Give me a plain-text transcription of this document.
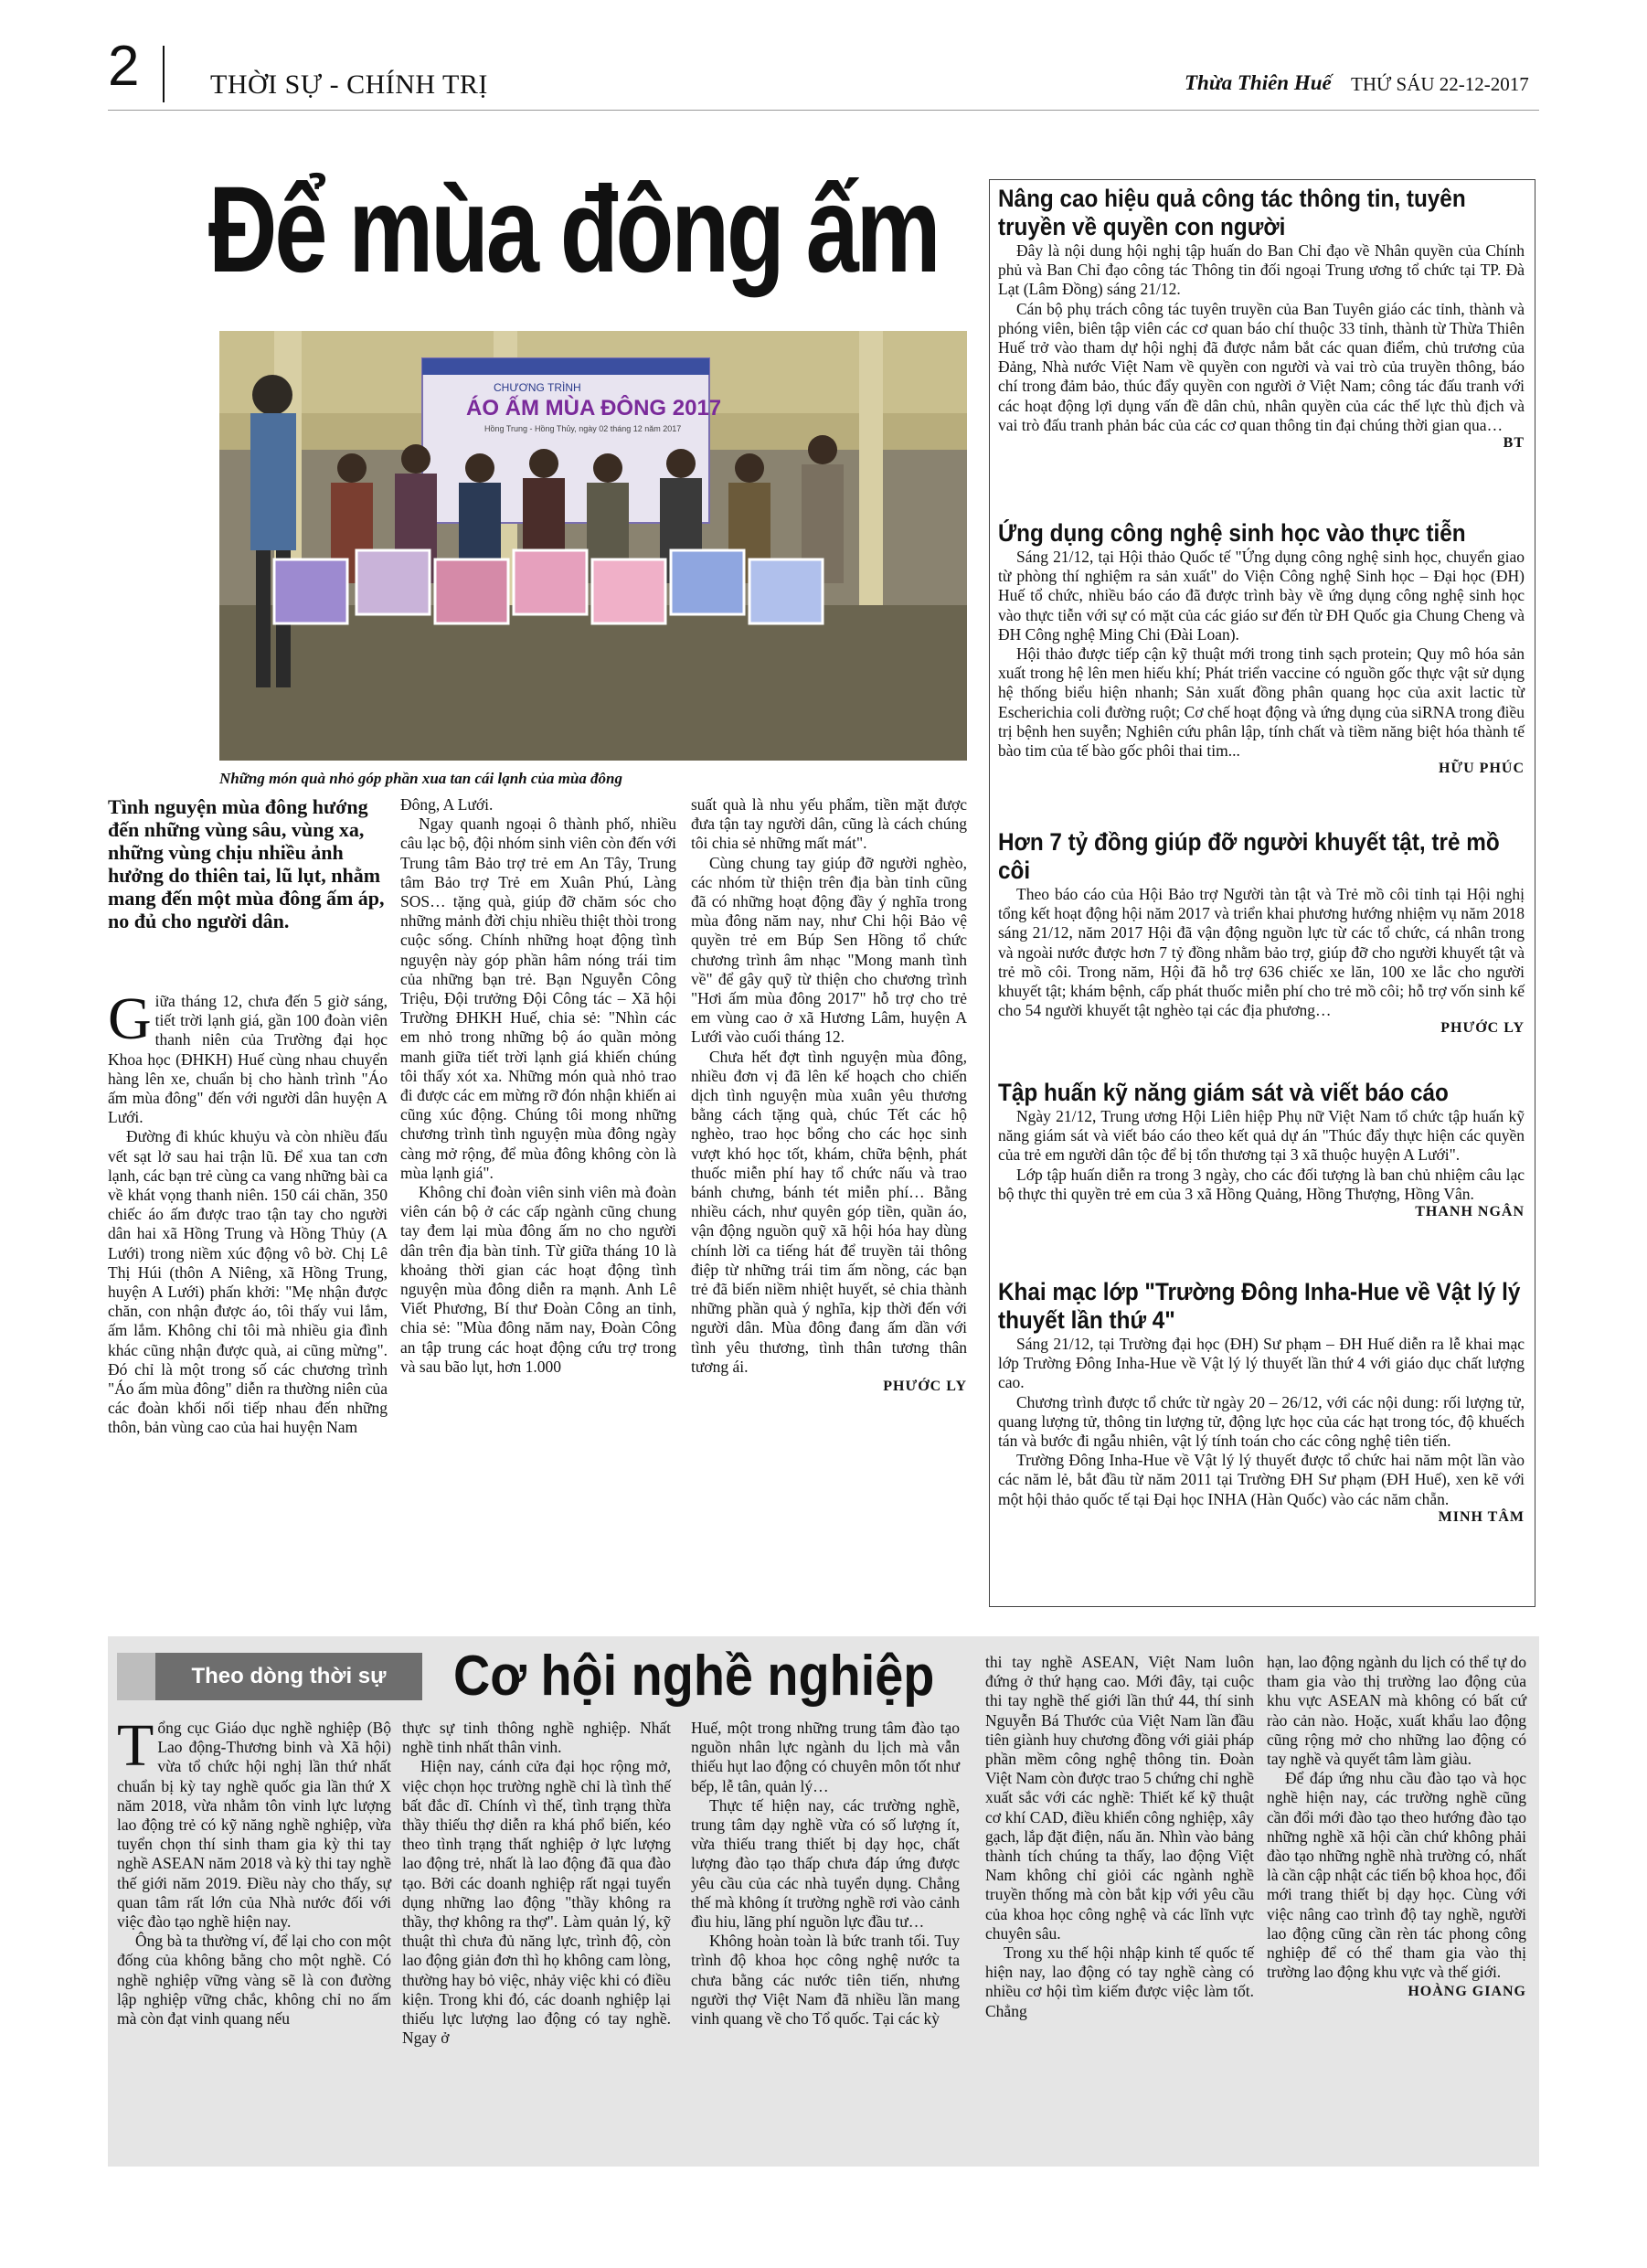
2	THỜI SỰ - CHÍNH TRỊ	Thừa Thiên Huế THỨ SÁU 22-12-2017
Để mùa đông ấm
CHƯƠNG TRÌNH
ÁO ẤM MÙA ĐÔNG 2017
Hồng Trung - Hồng Thủy, ngày 02 tháng 12 năm 2017
Những món quà nhỏ góp phần xua tan cái lạnh của mùa đông
Tình nguyện mùa đông hướng đến những vùng sâu, vùng xa, những vùng chịu nhiều ảnh hưởng do thiên tai, lũ lụt, nhằm mang đến một mùa đông ấm áp, no đủ cho người dân.
G iữa tháng 12, chưa đến 5 giờ sáng, tiết trời lạnh giá, gần 100 đoàn viên thanh niên của Trường đại học Khoa học (ĐHKH) Huế cùng nhau chuyển hàng lên xe, chuẩn bị cho hành trình "Áo ấm mùa đông" đến với người dân huyện A Lưới.

Đường đi khúc khuỷu và còn nhiều đấu vết sạt lở sau hai trận lũ. Để xua tan cơn lạnh, các bạn trẻ cùng ca vang những bài ca về khát vọng thanh niên. 150 cái chăn, 350 chiếc áo ấm được trao tận tay cho người dân hai xã Hồng Trung và Hồng Thủy (A Lưới) trong niềm xúc động vô bờ. Chị Lê Thị Húi (thôn A Niêng, xã Hồng Trung, huyện A Lưới) phấn khởi: "Mẹ nhận được chăn, con nhận được áo, tôi thấy vui lắm, ấm lắm. Không chỉ tôi mà nhiều gia đình khác cũng nhận được quà, ai cũng mừng". Đó chỉ là một trong số các chương trình "Áo ấm mùa đông" diễn ra thường niên của các đoàn khối nối tiếp nhau đến những thôn, bản vùng cao của hai huyện Nam

Đông, A Lưới.

Ngay quanh ngoại ô thành phố, nhiều câu lạc bộ, đội nhóm sinh viên còn đến với Trung tâm Bảo trợ trẻ em An Tây, Trung tâm Bảo trợ Trẻ em Xuân Phú, Làng SOS… tặng quà, giúp đỡ chăm sóc cho những mảnh đời chịu nhiều thiệt thòi trong cuộc sống. Chính những hoạt động tình nguyện này góp phần hâm nóng trái tim của những bạn trẻ. Bạn Nguyễn Công Triệu, Đội trưởng Đội Công tác – Xã hội Trường ĐHKH Huế, chia sẻ: "Nhìn các em nhỏ trong những bộ áo quần mỏng manh giữa tiết trời lạnh giá khiến chúng tôi thấy xót xa. Những món quà nhỏ trao đi được các em mừng rỡ đón nhận khiến ai cũng xúc động. Chúng tôi mong những chương trình tình nguyện mùa đông ngày càng mở rộng, để mùa đông không còn là mùa lạnh giá".

Không chỉ đoàn viên sinh viên mà đoàn viên cán bộ ở các cấp ngành cũng chung tay đem lại mùa đông ấm no cho người dân trên địa bàn tỉnh. Từ giữa tháng 10 là khoảng thời gian các hoạt động tình nguyện mùa đông diễn ra mạnh. Anh Lê Viết Phương, Bí thư Đoàn Công an tỉnh, chia sẻ: "Mùa đông năm nay, Đoàn Công an tập trung các hoạt động cứu trợ trong và sau bão lụt, hơn 1.000

suất quà là nhu yếu phẩm, tiền mặt được đưa tận tay người dân, cũng là cách chúng tôi chia sẻ những mất mát".

Cùng chung tay giúp đỡ người nghèo, các nhóm từ thiện trên địa bàn tỉnh cũng đã có những hoạt động đầy ý nghĩa trong mùa đông năm nay, như Chi hội Bảo vệ quyền trẻ em Búp Sen Hồng tổ chức chương trình âm nhạc "Mong manh tình về" để gây quỹ từ thiện cho chương trình "Hơi ấm mùa đông 2017" hỗ trợ cho trẻ em vùng cao ở xã Hương Lâm, huyện A Lưới vào cuối tháng 12.

Chưa hết đợt tình nguyện mùa đông, nhiều đơn vị đã lên kế hoạch cho chiến dịch tình nguyện mùa xuân yêu thương bằng cách tặng quà, chúc Tết các hộ nghèo, trao học bổng cho các học sinh vượt khó học tốt, khám, chữa bệnh, phát thuốc miễn phí hay tổ chức nấu và trao bánh chưng, bánh tét miễn phí… Bằng nhiều cách, như quyên góp tiền, quần áo, vận động nguồn quỹ xã hội hóa hay dùng chính lời ca tiếng hát để truyền tải thông điệp từ những trái tim ấm nồng, các bạn trẻ đã biến niềm nhiệt huyết, sẻ chia thành những phần quà ý nghĩa, kịp thời đến với người dân. Mùa đông đang ấm dần với tình yêu thương, tình thân tương thân tương ái.

PHƯỚC LY
Nâng cao hiệu quả công tác thông tin, tuyên truyền về quyền con người

Đây là nội dung hội nghị tập huấn do Ban Chỉ đạo về Nhân quyền của Chính phủ và Ban Chỉ đạo công tác Thông tin đối ngoại Trung ương tổ chức tại TP. Đà Lạt (Lâm Đồng) sáng 21/12.

Cán bộ phụ trách công tác tuyên truyền của Ban Tuyên giáo các tỉnh, thành và phóng viên, biên tập viên các cơ quan báo chí thuộc 33 tỉnh, thành từ Thừa Thiên Huế trở vào tham dự hội nghị đã được nắm bắt các quan điểm, chủ trương của Đảng, Nhà nước Việt Nam về quyền con người và vai trò của truyền thông, báo chí trong đảm bảo, thúc đẩy quyền con người ở Việt Nam; công tác đấu tranh với các hoạt động lợi dụng vấn đề dân chủ, nhân quyền của các thế lực thù địch và vai trò đấu tranh phản bác của các cơ quan thông tin đại chúng thời gian qua…

BT
Ứng dụng công nghệ sinh học vào thực tiễn

Sáng 21/12, tại Hội thảo Quốc tế "Ứng dụng công nghệ sinh học, chuyển giao từ phòng thí nghiệm ra sản xuất" do Viện Công nghệ Sinh học – Đại học (ĐH) Huế tổ chức, nhiều báo cáo đã được trình bày về ứng dụng công nghệ sinh học vào thực tiễn với sự có mặt của các giáo sư đến từ ĐH Quốc gia Chung Cheng và ĐH Công nghệ Ming Chi (Đài Loan).

Hội thảo được tiếp cận kỹ thuật mới trong tinh sạch protein; Quy mô hóa sản xuất trong hệ lên men hiếu khí; Phát triển vaccine có nguồn gốc thực vật sử dụng hệ thống biểu hiện nhanh; Sản xuất đồng phân quang học của axit lactic từ Escherichia coli đường ruột; Cơ chế hoạt động và ứng dụng của siRNA trong điều trị bệnh hen suyễn; Nghiên cứu phân lập, tính chất và tiềm năng biệt hóa thành tế bào tim của tế bào gốc phôi thai tim...

HỮU PHÚC
Hơn 7 tỷ đồng giúp đỡ người khuyết tật, trẻ mồ côi

Theo báo cáo của Hội Bảo trợ Người tàn tật và Trẻ mồ côi tỉnh tại Hội nghị tổng kết hoạt động hội năm 2017 và triển khai phương hướng nhiệm vụ năm 2018 sáng 21/12, năm 2017 Hội đã vận động nguồn lực từ các tổ chức, cá nhân trong và ngoài nước được hơn 7 tỷ đồng nhằm bảo trợ, giúp đỡ cho người khuyết tật và trẻ mồ côi. Trong năm, Hội đã hỗ trợ 636 chiếc xe lăn, 100 xe lắc cho người khuyết tật; khám bệnh, cấp phát thuốc miễn phí cho trẻ mồ côi; hỗ trợ vốn sinh kế cho 54 người khuyết tật nghèo tại các địa phương…

PHƯỚC LY
Tập huấn kỹ năng giám sát và viết báo cáo

Ngày 21/12, Trung ương Hội Liên hiệp Phụ nữ Việt Nam tổ chức tập huấn kỹ năng giám sát và viết báo cáo theo kết quả dự án "Thúc đẩy thực hiện các quyền của trẻ em người dân tộc để bị tổn thương tại 3 xã thuộc huyện A Lưới".

Lớp tập huấn diễn ra trong 3 ngày, cho các đối tượng là ban chủ nhiệm câu lạc bộ thực thi quyền trẻ em của 3 xã Hồng Quảng, Hồng Thượng, Hồng Vân.

THANH NGÂN
Khai mạc lớp "Trường Đông Inha-Hue về Vật lý lý thuyết lần thứ 4"

Sáng 21/12, tại Trường đại học (ĐH) Sư phạm – ĐH Huế diễn ra lễ khai mạc lớp Trường Đông Inha-Hue về Vật lý lý thuyết lần thứ 4 với giáo dục chất lượng cao.

Chương trình được tổ chức từ ngày 20 – 26/12, với các nội dung: rối lượng tử, quang lượng tử, thông tin lượng tử, động lực học của các hạt trong tóc, độ khuếch tán và bước đi ngẫu nhiên, vật lý tính toán cho các công nghệ tiên tiến.

Trường Đông Inha-Hue về Vật lý lý thuyết được tổ chức hai năm một lần vào các năm lẻ, bắt đầu từ năm 2011 tại Trường ĐH Sư phạm (ĐH Huế), xen kẽ với một hội thảo quốc tế tại Đại học INHA (Hàn Quốc) vào các năm chẵn.

MINH TÂM
Theo dòng thời sự	Cơ hội nghề nghiệp
T ổng cục Giáo dục nghề nghiệp (Bộ Lao động-Thương binh và Xã hội) vừa tổ chức hội nghị lần thứ nhất chuẩn bị kỳ tay nghề quốc gia lần thứ X năm 2018, vừa nhằm tôn vinh lực lượng lao động trẻ có kỹ năng nghề nghiệp, vừa tuyển chọn thí sinh tham gia kỳ thi tay nghề ASEAN năm 2018 và kỳ thi tay nghề thế giới năm 2019. Điều này cho thấy, sự quan tâm rất lớn của Nhà nước đối với việc đào tạo nghề hiện nay.

Ông bà ta thường ví, để lại cho con một đống của không bằng cho một nghề. Có nghề nghiệp vững vàng sẽ là con đường lập nghiệp vững chắc, không chỉ no ấm mà còn đạt vinh quang nếu

thực sự tinh thông nghề nghiệp. Nhất nghề tinh nhất thân vinh.

Hiện nay, cánh cửa đại học rộng mở, việc chọn học trường nghề chỉ là tình thế bất đắc dĩ. Chính vì thế, tình trạng thừa thầy thiếu thợ diễn ra khá phổ biến, kéo theo tình trạng thất nghiệp ở lực lượng lao động trẻ, nhất là lao động đã qua đào tạo. Bởi các doanh nghiệp rất ngại tuyển dụng những lao động "thầy không ra thầy, thợ không ra thợ". Làm quản lý, kỹ thuật thì chưa đủ năng lực, trình độ, còn lao động giản đơn thì họ không cam lòng, thường hay bỏ việc, nhảy việc khi có điều kiện. Trong khi đó, các doanh nghiệp lại thiếu lực lượng lao động có tay nghề. Ngay ở

Huế, một trong những trung tâm đào tạo nguồn nhân lực ngành du lịch mà vẫn thiếu hụt lao động có chuyên môn tốt như bếp, lễ tân, quản lý…

Thực tế hiện nay, các trường nghề, trung tâm dạy nghề vừa có số lượng ít, vừa thiếu trang thiết bị dạy học, chất lượng đào tạo thấp chưa đáp ứng được yêu cầu của các nhà tuyển dụng. Chẳng thế mà không ít trường nghề rơi vào cảnh đìu hiu, lãng phí nguồn lực đầu tư…

Không hoàn toàn là bức tranh tối. Tuy trình độ khoa học công nghệ nước ta chưa bằng các nước tiên tiến, nhưng người thợ Việt Nam đã nhiều lần mang vinh quang về cho Tổ quốc. Tại các kỳ

thi tay nghề ASEAN, Việt Nam luôn đứng ở thứ hạng cao. Mới đây, tại cuộc thi tay nghề thế giới lần thứ 44, thí sinh Nguyễn Bá Thước của Việt Nam lần đầu tiên giành huy chương đồng với giải pháp phần mềm công nghệ thông tin. Đoàn Việt Nam còn được trao 5 chứng chỉ nghề xuất sắc với các nghề: Thiết kế kỹ thuật cơ khí CAD, điều khiển công nghiệp, xây gạch, lắp đặt điện, nấu ăn. Nhìn vào bảng thành tích chúng ta thấy, lao động Việt Nam không chỉ giỏi các ngành nghề truyền thống mà còn bắt kịp với yêu cầu của khoa học công nghệ và các lĩnh vực chuyên sâu.

Trong xu thế hội nhập kinh tế quốc tế hiện nay, lao động có tay nghề càng có nhiều cơ hội tìm kiếm được việc làm tốt. Chẳng

hạn, lao động ngành du lịch có thể tự do tham gia vào thị trường lao động của khu vực ASEAN mà không có bất cứ rào cản nào. Hoặc, xuất khẩu lao động cũng rộng mở cho những lao động có tay nghề và quyết tâm làm giàu.

Để đáp ứng nhu cầu đào tạo và học nghề hiện nay, các trường nghề cũng cần đổi mới đào tạo theo hướng đào tạo những nghề xã hội cần chứ không phải đào tạo những nghề nhà trường có, nhất là cần cập nhật các tiến bộ khoa học, đổi mới trang thiết bị dạy học. Cùng với việc nâng cao trình độ tay nghề, người lao động cũng cần rèn tác phong công nghiệp để có thể tham gia vào thị trường lao động khu vực và thế giới.

HOÀNG GIANG
